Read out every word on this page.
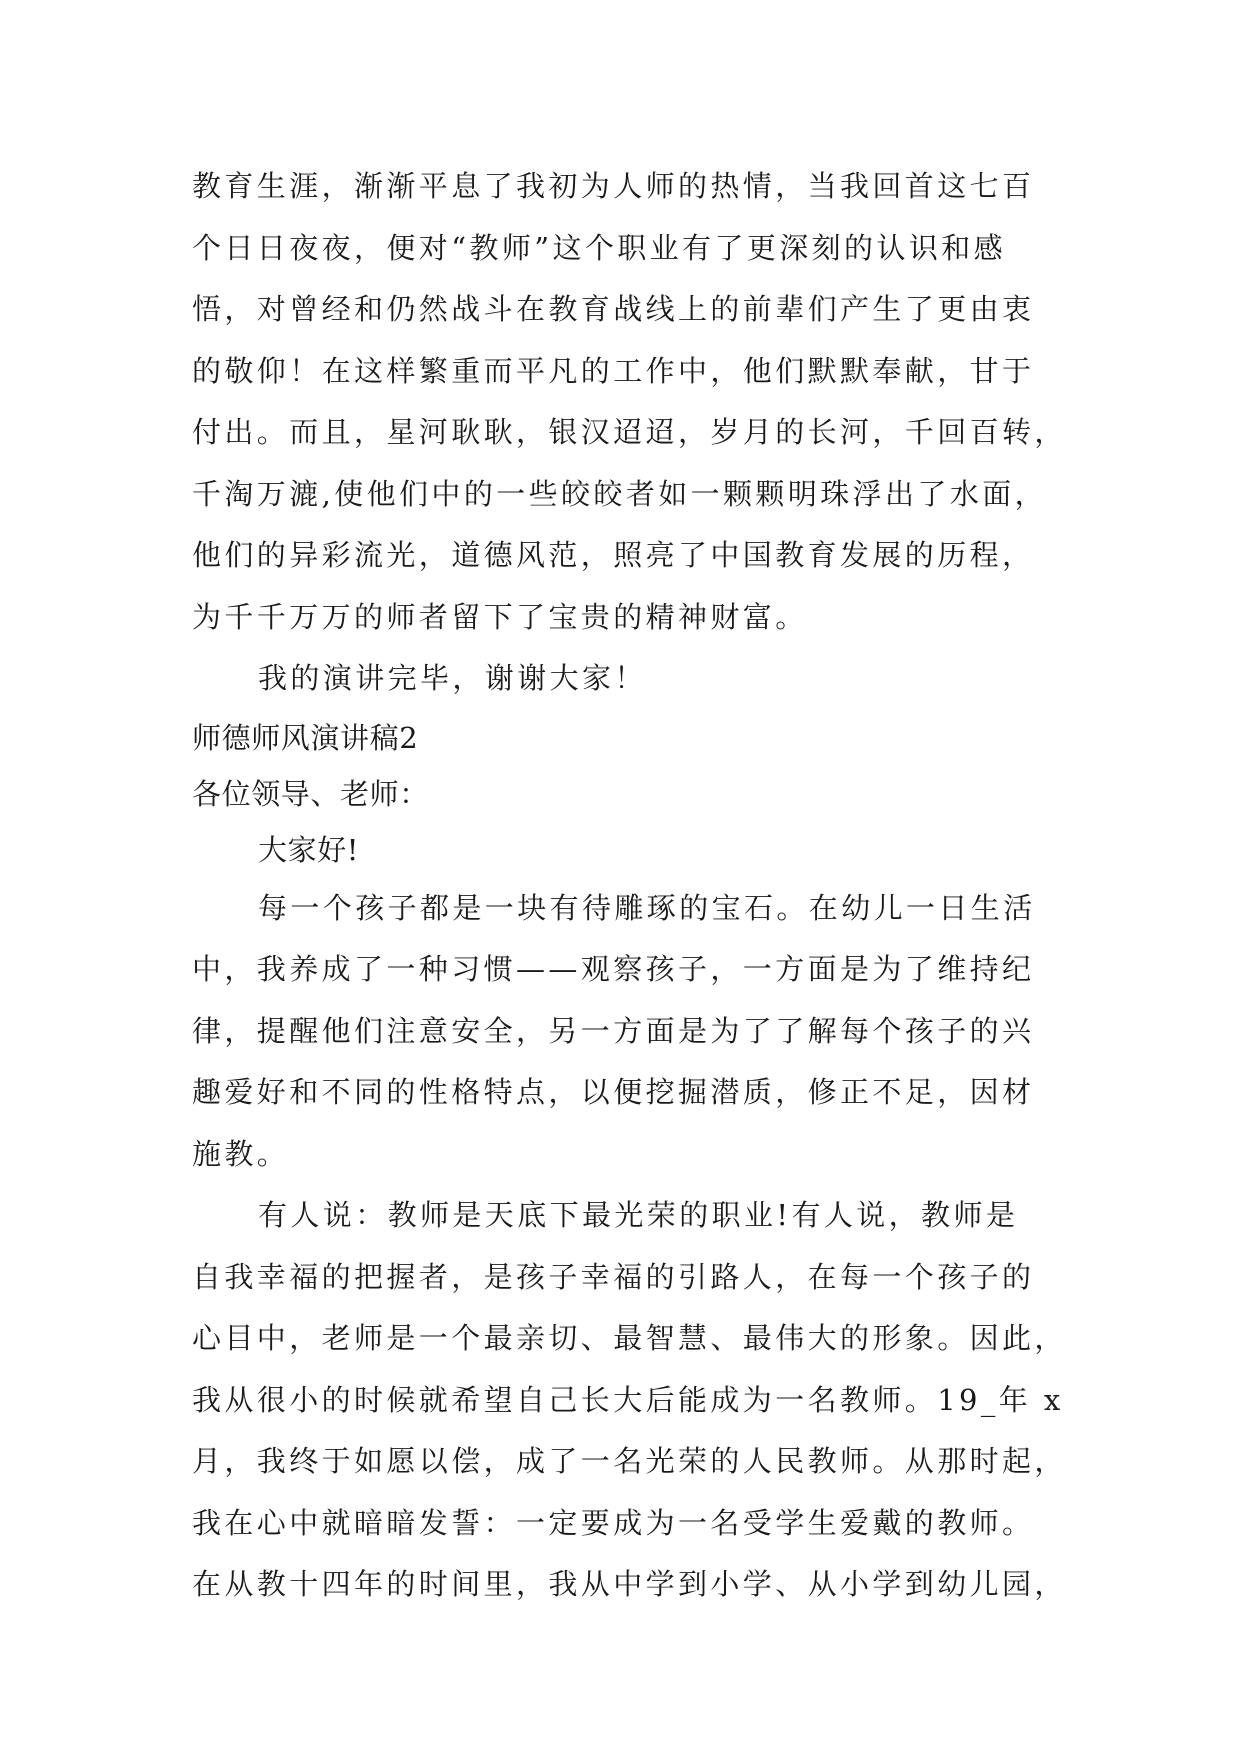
教育生涯，渐渐平息了我初为人师的热情，当我回首这七百
个日日夜夜，便对“教师”这个职业有了更深刻的认识和感
悟，对曾经和仍然战斗在教育战线上的前辈们产生了更由衷
的敬仰！在这样繁重而平凡的工作中，他们默默奉献，甘于
付出。而且，星河耿耿，银汉迢迢，岁月的长河，千回百转，
千淘万漉,使他们中的一些皎皎者如一颗颗明珠浮出了水面，
他们的异彩流光，道德风范，照亮了中国教育发展的历程，
为千千万万的师者留下了宝贵的精神财富。
我的演讲完毕，谢谢大家！
师德师风演讲稿2
各位领导、老师：
大家好!
每一个孩子都是一块有待雕琢的宝石。在幼儿一日生活
中，我养成了一种习惯——观察孩子，一方面是为了维持纪
律，提醒他们注意安全，另一方面是为了了解每个孩子的兴
趣爱好和不同的性格特点，以便挖掘潜质，修正不足，因材
施教。
有人说：教师是天底下最光荣的职业!有人说，教师是
自我幸福的把握者，是孩子幸福的引路人，在每一个孩子的
心目中，老师是一个最亲切、最智慧、最伟大的形象。因此，
我从很小的时候就希望自己长大后能成为一名教师。19_年 x
月，我终于如愿以偿，成了一名光荣的人民教师。从那时起，
我在心中就暗暗发誓：一定要成为一名受学生爱戴的教师。
在从教十四年的时间里，我从中学到小学、从小学到幼儿园，
